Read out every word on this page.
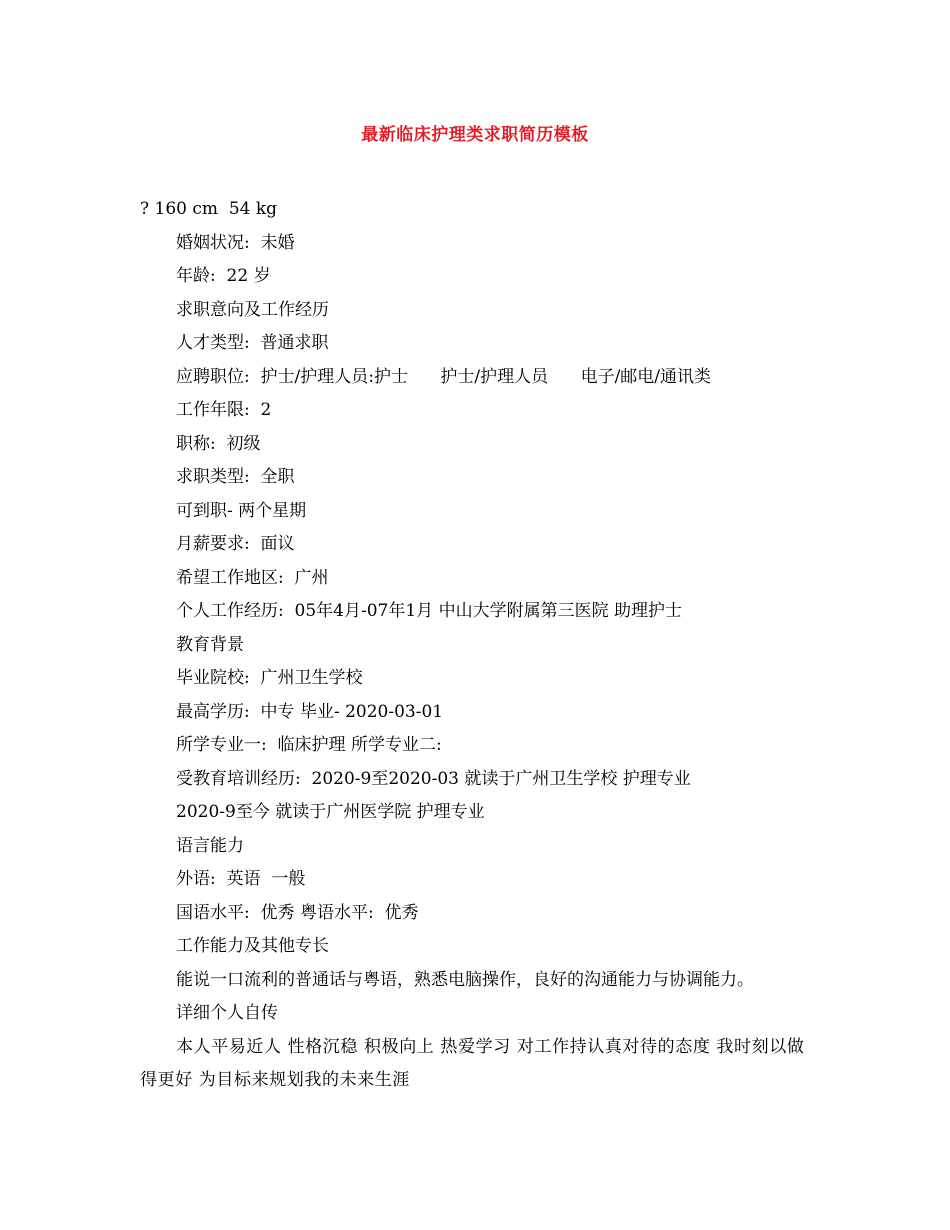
最新临床护理类求职简历模板
? 160 cm  54 kg
婚姻状况:  未婚
年龄:  22 岁
求职意向及工作经历
人才类型:  普通求职
应聘职位:  护士/护理人员:护士      护士/护理人员      电子/邮电/通讯类
工作年限:  2
职称:  初级
求职类型:  全职
可到职- 两个星期
月薪要求:  面议
希望工作地区:  广州
个人工作经历:  05年4月-07年1月 中山大学附属第三医院 助理护士
教育背景
毕业院校:  广州卫生学校
最高学历:  中专 毕业- 2020-03-01
所学专业一:  临床护理 所学专业二:
受教育培训经历:  2020-9至2020-03 就读于广州卫生学校 护理专业
2020-9至今 就读于广州医学院 护理专业
语言能力
外语:  英语  一般
国语水平:  优秀 粤语水平:  优秀
工作能力及其他专长
能说一口流利的普通话与粤语，熟悉电脑操作，良好的沟通能力与协调能力。
详细个人自传
本人平易近人 性格沉稳 积极向上 热爱学习 对工作持认真对待的态度 我时刻以做得更好 为目标来规划我的未来生涯
